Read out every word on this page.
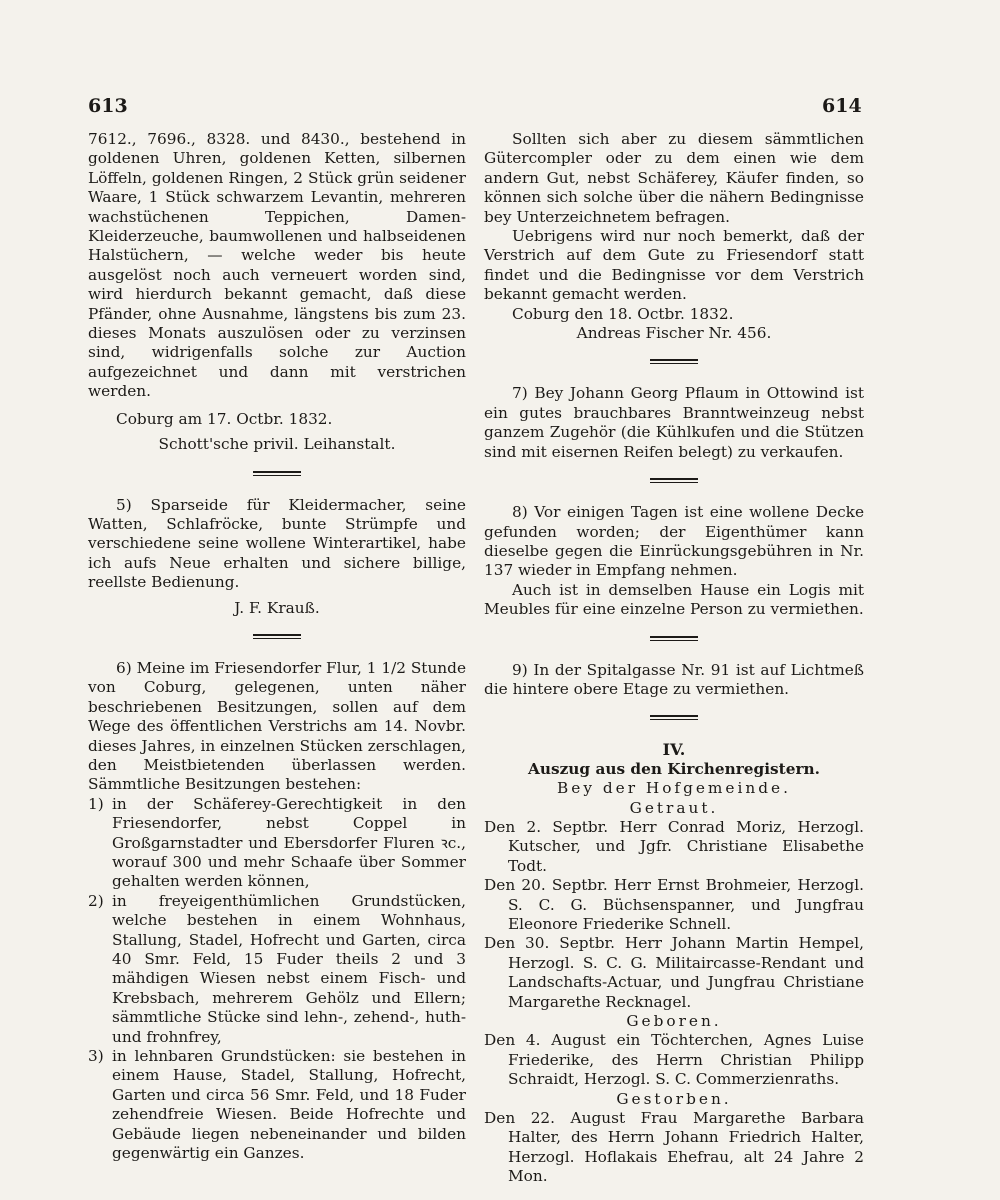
613	614

7612., 7696., 8328. und 8430., bestehend in goldenen Uhren, goldenen Ketten, silbernen Löffeln, goldenen Ringen, 2 Stück grün seidener Waare, 1 Stück schwarzem Levantin, mehreren wachstüchenen Teppichen, Damen-Kleiderzeuche, baumwollenen und halbseidenen Halstüchern, — welche weder bis heute ausgelöst noch auch verneuert worden sind, wird hierdurch bekannt gemacht, daß diese Pfänder, ohne Ausnahme, längstens bis zum 23. dieses Monats auszulösen oder zu verzinsen sind, widrigenfalls solche zur Auction aufgezeichnet und dann mit verstrichen werden.

Coburg am 17. Octbr. 1832.

Schott'sche privil. Leihanstalt.

5) Sparseide für Kleidermacher, seine Watten, Schlafröcke, bunte Strümpfe und verschiedene seine wollene Winterartikel, habe ich aufs Neue erhalten und sichere billige, reellste Bedienung.

J. F. Krauß.

6) Meine im Friesendorfer Flur, 1 1/2 Stunde von Coburg, gelegenen, unten näher beschriebenen Besitzungen, sollen auf dem Wege des öffentlichen Verstrichs am 14. Novbr. dieses Jahres, in einzelnen Stücken zerschlagen, den Meistbietenden überlassen werden. Sämmtliche Besitzungen bestehen:

1) in der Schäferey-Gerechtigkeit in den Friesendorfer, nebst Coppel in Großgarnstadter und Ebersdorfer Fluren ꝛc., worauf 300 und mehr Schaafe über Sommer gehalten werden können,
2) in freyeigenthümlichen Grundstücken, welche bestehen in einem Wohnhaus, Stallung, Stadel, Hofrecht und Garten, circa 40 Smr. Feld, 15 Fuder theils 2 und 3 mähdigen Wiesen nebst einem Fisch- und Krebsbach, mehrerem Gehölz und Ellern; sämmtliche Stücke sind lehn-, zehend-, huth- und frohnfrey,
3) in lehnbaren Grundstücken: sie bestehen in einem Hause, Stadel, Stallung, Hofrecht, Garten und circa 56 Smr. Feld, und 18 Fuder zehendfreie Wiesen. Beide Hofrechte und Gebäude liegen nebeneinander und bilden gegenwärtig ein Ganzes.

Sollten sich aber zu diesem sämmtlichen Gütercompler oder zu dem einen wie dem andern Gut, nebst Schäferey, Käufer finden, so können sich solche über die nähern Bedingnisse bey Unterzeichnetem befragen.

Uebrigens wird nur noch bemerkt, daß der Verstrich auf dem Gute zu Friesendorf statt findet und die Bedingnisse vor dem Verstrich bekannt gemacht werden.

Coburg den 18. Octbr. 1832.

Andreas Fischer Nr. 456.

7) Bey Johann Georg Pflaum in Ottowind ist ein gutes brauchbares Branntweinzeug nebst ganzem Zugehör (die Kühlkufen und die Stützen sind mit eisernen Reifen belegt) zu verkaufen.

8) Vor einigen Tagen ist eine wollene Decke gefunden worden; der Eigenthümer kann dieselbe gegen die Einrückungsgebühren in Nr. 137 wieder in Empfang nehmen.

Auch ist in demselben Hause ein Logis mit Meubles für eine einzelne Person zu vermiethen.

9) In der Spitalgasse Nr. 91 ist auf Lichtmeß die hintere obere Etage zu vermiethen.

IV.

Auszug aus den Kirchenregistern.

Bey der Hofgemeinde.

Getraut.

Den 2. Septbr. Herr Conrad Moriz, Herzogl. Kutscher, und Jgfr. Christiane Elisabethe Todt.

Den 20. Septbr. Herr Ernst Brohmeier, Herzogl. S. C. G. Büchsenspanner, und Jungfrau Eleonore Friederike Schnell.

Den 30. Septbr. Herr Johann Martin Hempel, Herzogl. S. C. G. Militaircasse-Rendant und Landschafts-Actuar, und Jungfrau Christiane Margarethe Recknagel.

Geboren.

Den 4. August ein Töchterchen, Agnes Luise Friederike, des Herrn Christian Philipp Schraidt, Herzogl. S. C. Commerzienraths.

Gestorben.

Den 22. August Frau Margarethe Barbara Halter, des Herrn Johann Friedrich Halter, Herzogl. Hoflakais Ehefrau, alt 24 Jahre 2 Mon.
